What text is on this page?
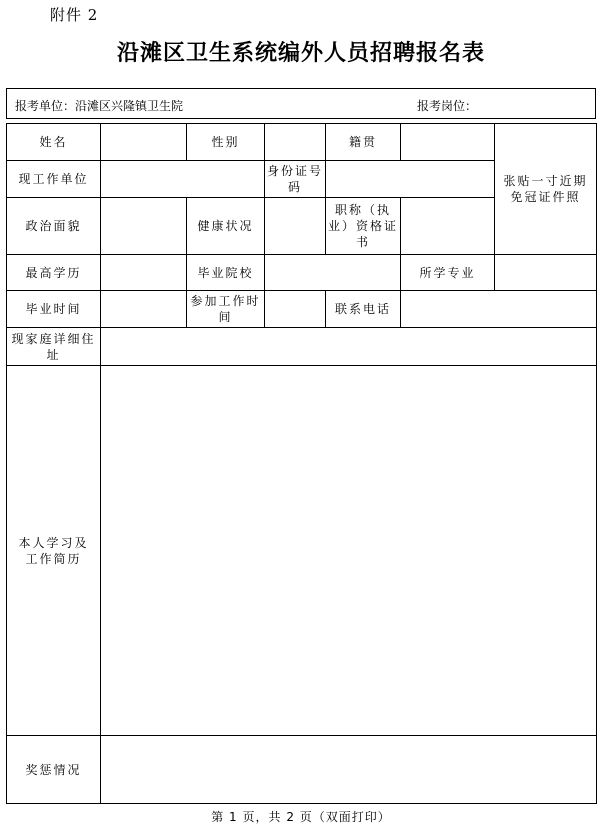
附件 2
沿滩区卫生系统编外人员招聘报名表
报考单位：沿滩区兴隆镇卫生院	报考岗位：
姓名		性别		籍贯		张贴一寸近期免冠证件照
现工作单位			身份证号码			
政治面貌		健康状况		职称（执业）资格证书		
最高学历		毕业院校			所学专业	
毕业时间		参加工作时间		联系电话		
现家庭详细住址						
本人学习及工作简历						
奖惩情况						
第 1 页，共 2 页（双面打印）
